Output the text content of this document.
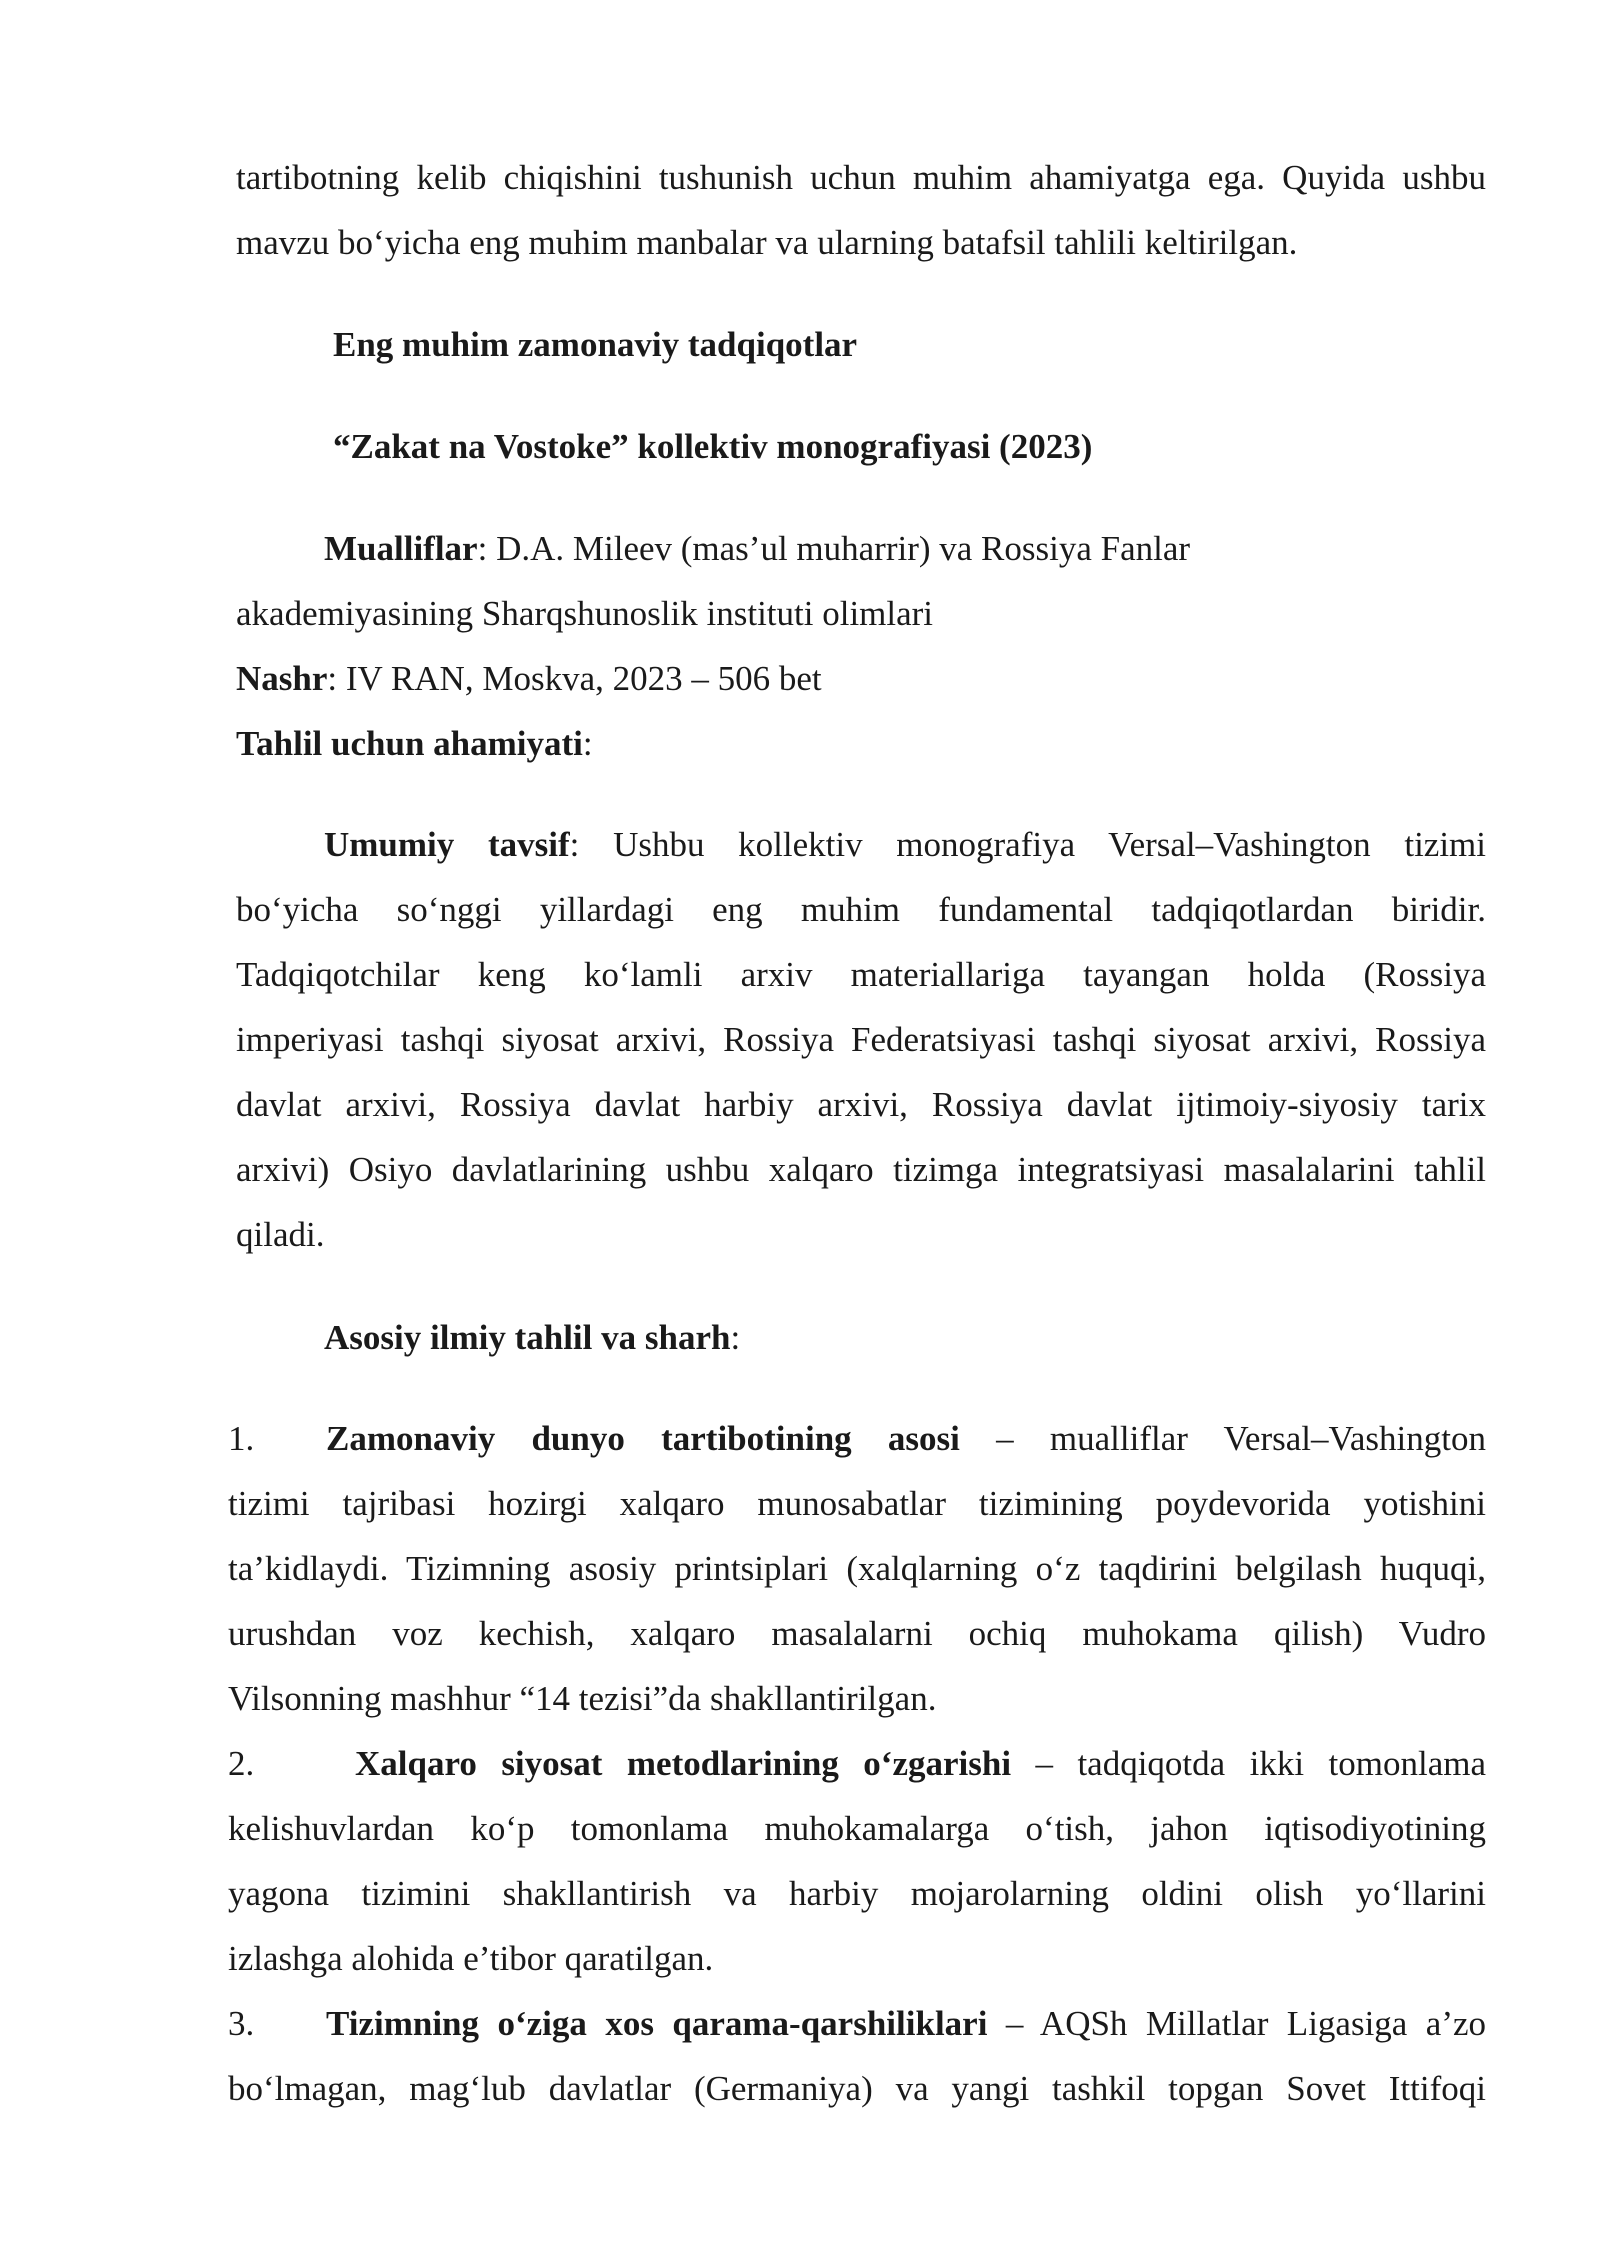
tartibotning kelib chiqishini tushunish uchun muhim ahamiyatga ega. Quyida ushbu
mavzu bo‘yicha eng muhim manbalar va ularning batafsil tahlili keltirilgan.
Eng muhim zamonaviy tadqiqotlar
“Zakat na Vostoke” kollektiv monografiyasi (2023)
Mualliflar: D.A. Mileev (mas’ul muharrir) va Rossiya Fanlar
akademiyasining Sharqshunoslik instituti olimlari
Nashr: IV RAN, Moskva, 2023 – 506 bet
Tahlil uchun ahamiyati:
Umumiy tavsif: Ushbu kollektiv monografiya Versal–Vashington tizimi
bo‘yicha so‘nggi yillardagi eng muhim fundamental tadqiqotlardan biridir.
Tadqiqotchilar keng ko‘lamli arxiv materiallariga tayangan holda (Rossiya
imperiyasi tashqi siyosat arxivi, Rossiya Federatsiyasi tashqi siyosat arxivi, Rossiya
davlat arxivi, Rossiya davlat harbiy arxivi, Rossiya davlat ijtimoiy-siyosiy tarix
arxivi) Osiyo davlatlarining ushbu xalqaro tizimga integratsiyasi masalalarini tahlil
qiladi.
Asosiy ilmiy tahlil va sharh:
1. Zamonaviy dunyo tartibotining asosi – mualliflar Versal–Vashington
tizimi tajribasi hozirgi xalqaro munosabatlar tizimining poydevorida yotishini
ta’kidlaydi. Tizimning asosiy printsiplari (xalqlarning o‘z taqdirini belgilash huquqi,
urushdan voz kechish, xalqaro masalalarni ochiq muhokama qilish) Vudro
Vilsonning mashhur “14 tezisi”da shakllantirilgan.
2.	Xalqaro siyosat metodlarining o‘zgarishi – tadqiqotda ikki tomonlama
kelishuvlardan ko‘p tomonlama muhokamalarga o‘tish, jahon iqtisodiyotining
yagona tizimini shakllantirish va harbiy mojarolarning oldini olish yo‘llarini
izlashga alohida e’tibor qaratilgan.
3. Tizimning o‘ziga xos qarama-qarshiliklari – AQSh Millatlar Ligasiga a’zo
bo‘lmagan, mag‘lub davlatlar (Germaniya) va yangi tashkil topgan Sovet Ittifoqi
